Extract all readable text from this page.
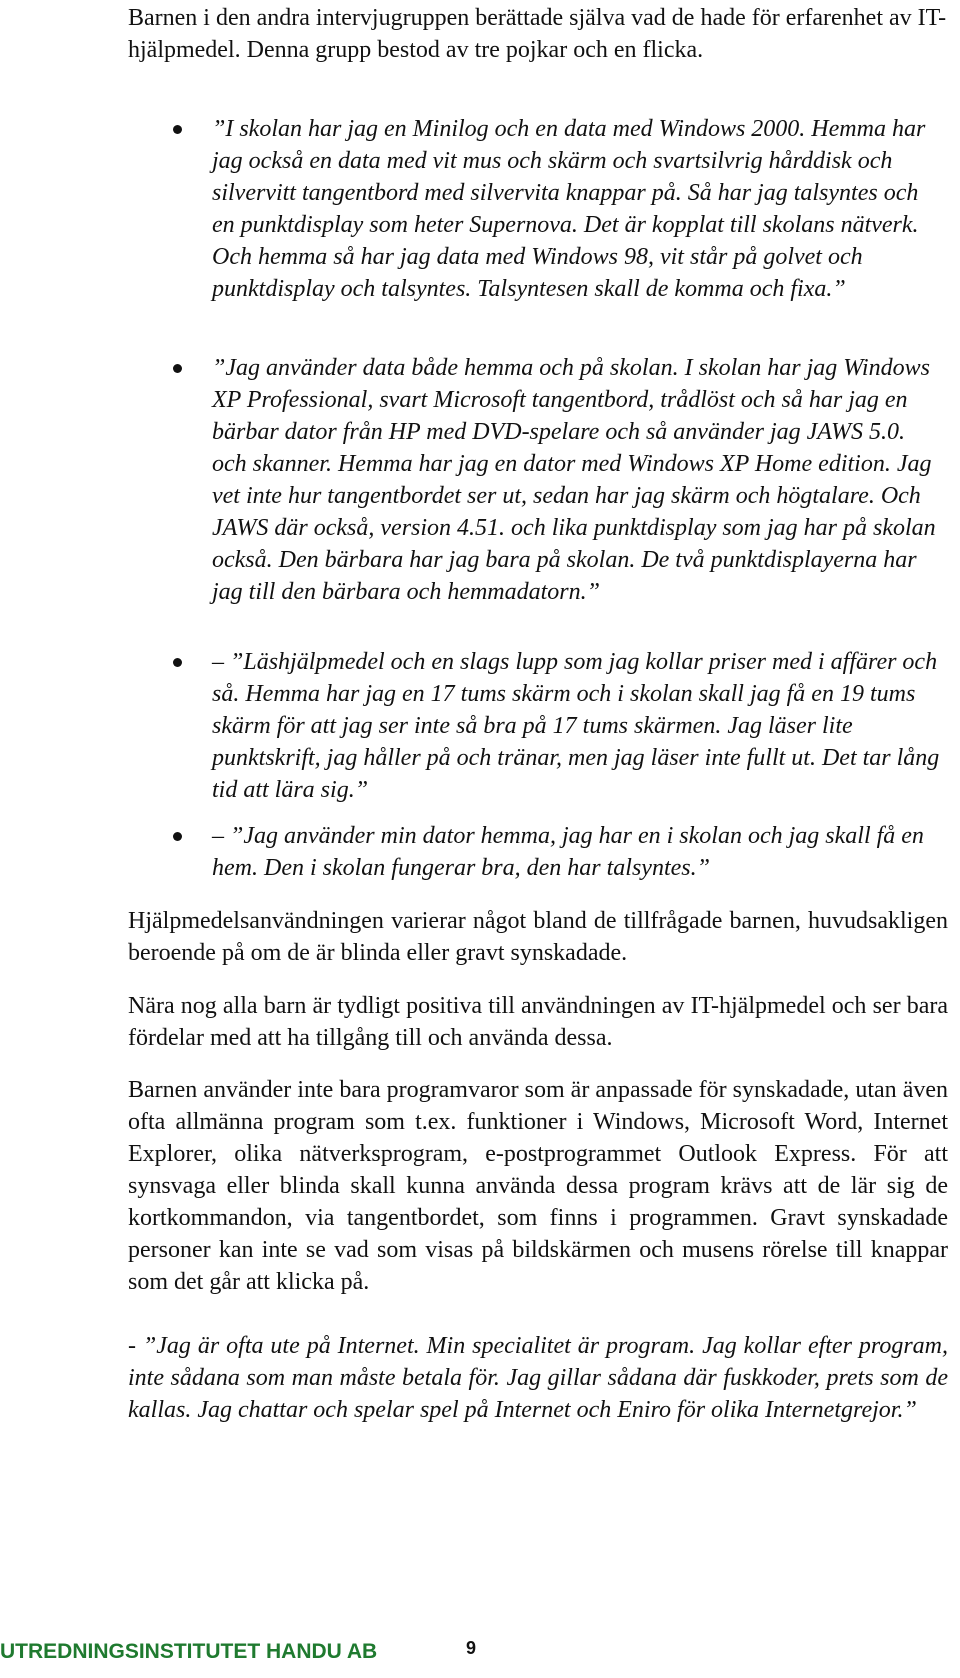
Barnen i den andra intervjugruppen berättade själva vad de hade för erfarenhet av IT-hjälpmedel. Denna grupp bestod av tre pojkar och en flicka.

”I skolan har jag en Minilog och en data med Windows 2000. Hemma har jag också en data med vit mus och skärm och svartsilvrig hårddisk och silvervitt tangentbord med silvervita knappar på. Så har jag talsyntes och en punktdisplay som heter Supernova. Det är kopplat till skolans nätverk. Och hemma så har jag data med Windows 98, vit står på golvet och punktdisplay och talsyntes. Talsyntesen skall de komma och fixa.”

”Jag använder data både hemma och på skolan. I skolan har jag Windows XP Professional, svart Microsoft tangentbord, trådlöst och så har jag en bärbar dator från HP med DVD-spelare och så använder jag JAWS 5.0. och skanner. Hemma har jag en dator med Windows XP Home edition. Jag vet inte hur tangentbordet ser ut, sedan har jag skärm och högtalare. Och JAWS där också, version 4.51. och lika punktdisplay som jag har på skolan också. Den bärbara har jag bara på skolan. De två punktdisplayerna har jag till den bärbara och hemmadatorn.”

– ”Läshjälpmedel och en slags lupp som jag kollar priser med i affärer och så. Hemma har jag en 17 tums skärm och i skolan skall jag få en 19 tums skärm för att jag ser inte så bra på 17 tums skärmen. Jag läser lite punktskrift, jag håller på och tränar, men jag läser inte fullt ut. Det tar lång tid att lära sig.”

– ”Jag använder min dator hemma, jag har en i skolan och jag skall få en hem. Den i skolan fungerar bra, den har talsyntes.”

Hjälpmedelsanvändningen varierar något bland de tillfrågade barnen, huvudsakligen beroende på om de är blinda eller gravt synskadade.

Nära nog alla barn är tydligt positiva till användningen av IT-hjälpmedel och ser bara fördelar med att ha tillgång till och använda dessa.

Barnen använder inte bara programvaror som är anpassade för synskadade, utan även ofta allmänna program som t.ex. funktioner i Windows, Microsoft Word, Internet Explorer, olika nätverksprogram, e-postprogrammet Outlook Express. För att synsvaga eller blinda skall kunna använda dessa program krävs att de lär sig de kortkommandon, via tangentbordet, som finns i programmen. Gravt synskadade personer kan inte se vad som visas på bildskärmen och musens rörelse till knappar som det går att klicka på.

- ”Jag är ofta ute på Internet. Min specialitet är program. Jag kollar efter program, inte sådana som man måste betala för. Jag gillar sådana där fuskkoder, prets som de kallas. Jag chattar och spelar spel på Internet och Eniro för olika Internetgrejor.”

UTREDNINGSINSTITUTET HANDU AB	9
